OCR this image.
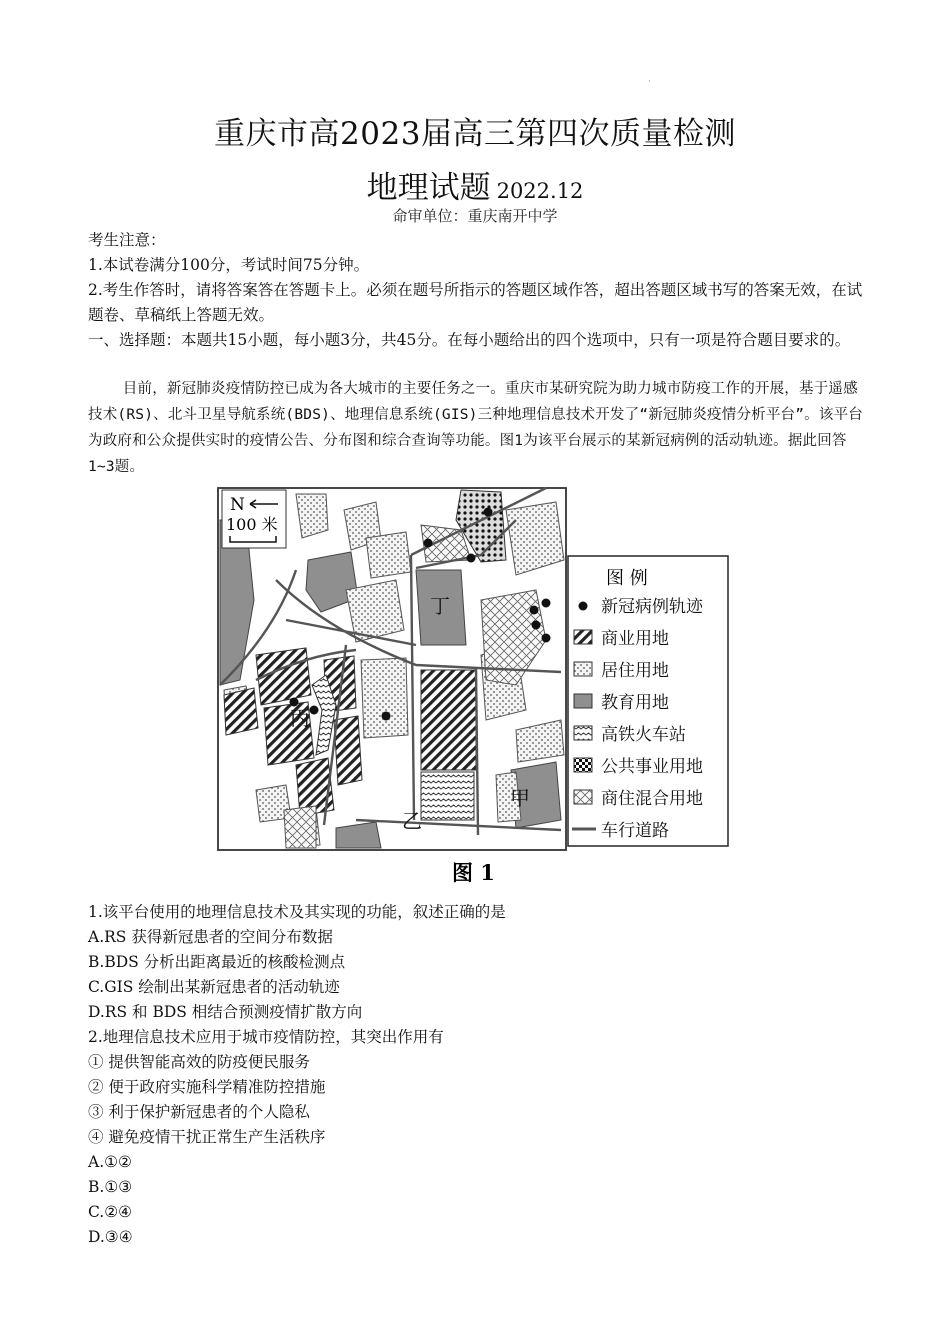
·
重庆市高2023届高三第四次质量检测
地理试题 2022.12
命审单位：重庆南开中学

考生注意：

1.本试卷满分100分，考试时间75分钟。

2.考生作答时，请将答案答在答题卡上。必须在题号所指示的答题区域作答，超出答题区域书写的答案无效，在试题卷、草稿纸上答题无效。

一、选择题：本题共15小题，每小题3分，共45分。在每小题给出的四个选项中，只有一项是符合题目要求的。

目前，新冠肺炎疫情防控已成为各大城市的主要任务之一。重庆市某研究院为助力城市防疫工作的开展，基于遥感技术(RS)、北斗卫星导航系统(BDS)、地理信息系统(GIS)三种地理信息技术开发了“新冠肺炎疫情分析平台”。该平台为政府和公众提供实时的疫情公告、分布图和综合查询等功能。图1为该平台展示的某新冠病例的活动轨迹。据此回答1~3题。

丁
丙
乙
甲
N
100 米
图 例
新冠病例轨迹
商业用地
居住用地
教育用地
高铁火车站
公共事业用地
商住混合用地
车行道路
图 1

1.该平台使用的地理信息技术及其实现的功能，叙述正确的是

A.RS 获得新冠患者的空间分布数据

B.BDS 分析出距离最近的核酸检测点

C.GIS 绘制出某新冠患者的活动轨迹

D.RS 和 BDS 相结合预测疫情扩散方向

2.地理信息技术应用于城市疫情防控，其突出作用有

① 提供智能高效的防疫便民服务

② 便于政府实施科学精准防控措施

③ 利于保护新冠患者的个人隐私

④ 避免疫情干扰正常生产生活秩序

A.①②

B.①③

C.②④

D.③④
